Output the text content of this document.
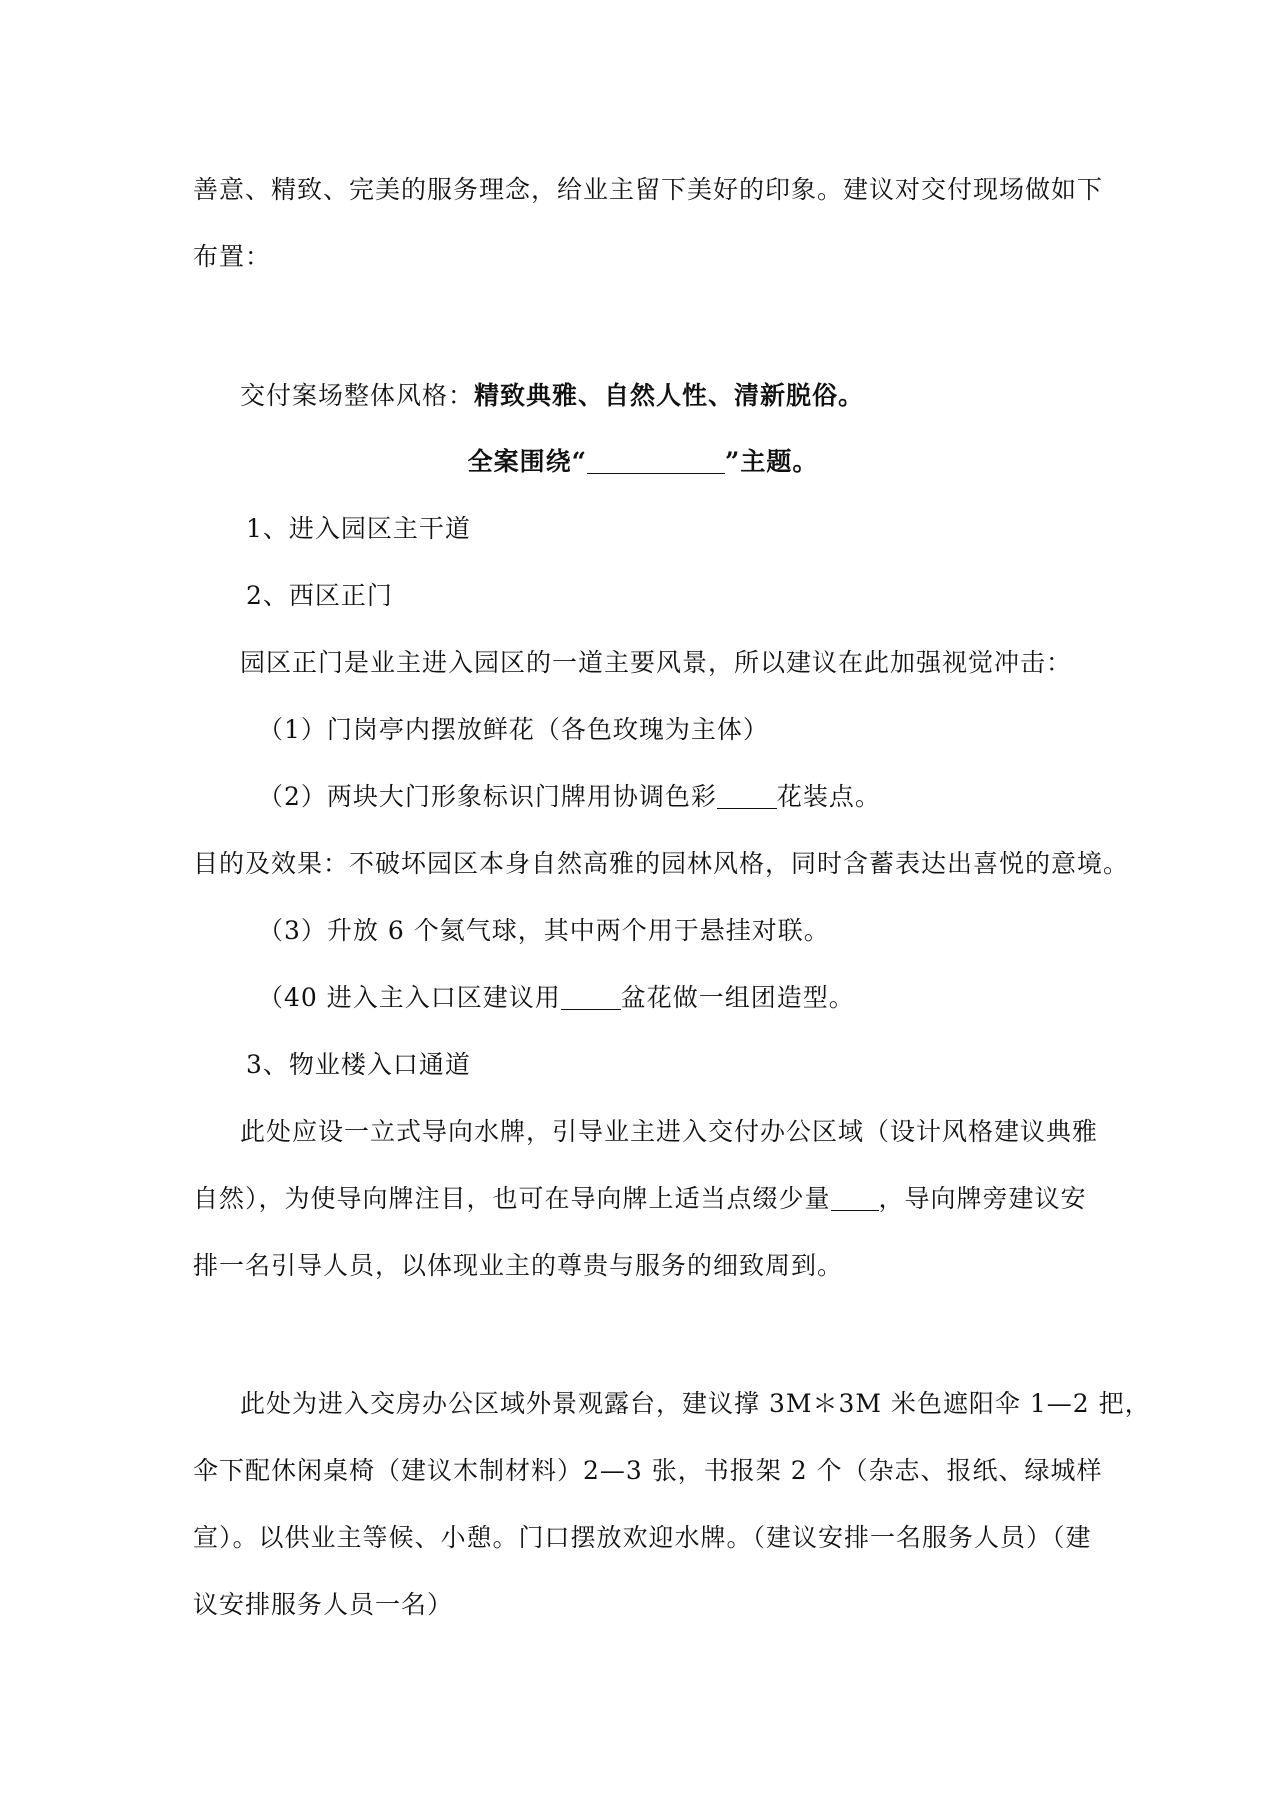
善意、精致、完美的服务理念，给业主留下美好的印象。建议对交付现场做如下
布置：
交付案场整体风格：精致典雅、自然人性、清新脱俗。
全案围绕“	”主题。
1、进入园区主干道
2、西区正门
园区正门是业主进入园区的一道主要风景，所以建议在此加强视觉冲击：
（1）门岗亭内摆放鲜花（各色玫瑰为主体）
（2）两块大门形象标识门牌用协调色彩 花装点。
目的及效果：不破坏园区本身自然高雅的园林风格，同时含蓄表达出喜悦的意境。
（3）升放 6 个氦气球，其中两个用于悬挂对联。
（40 进入主入口区建议用 盆花做一组团造型。
3、物业楼入口通道
此处应设一立式导向水牌，引导业主进入交付办公区域（设计风格建议典雅
自然），为使导向牌注目，也可在导向牌上适当点缀少量 ，导向牌旁建议安
排一名引导人员，以体现业主的尊贵与服务的细致周到。
此处为进入交房办公区域外景观露台，建议撑 3M＊3M 米色遮阳伞 1—2 把，
伞下配休闲桌椅（建议木制材料）2—3 张，书报架 2 个（杂志、报纸、绿城样
宣）。以供业主等候、小憩。门口摆放欢迎水牌。（建议安排一名服务人员）（建
议安排服务人员一名）
